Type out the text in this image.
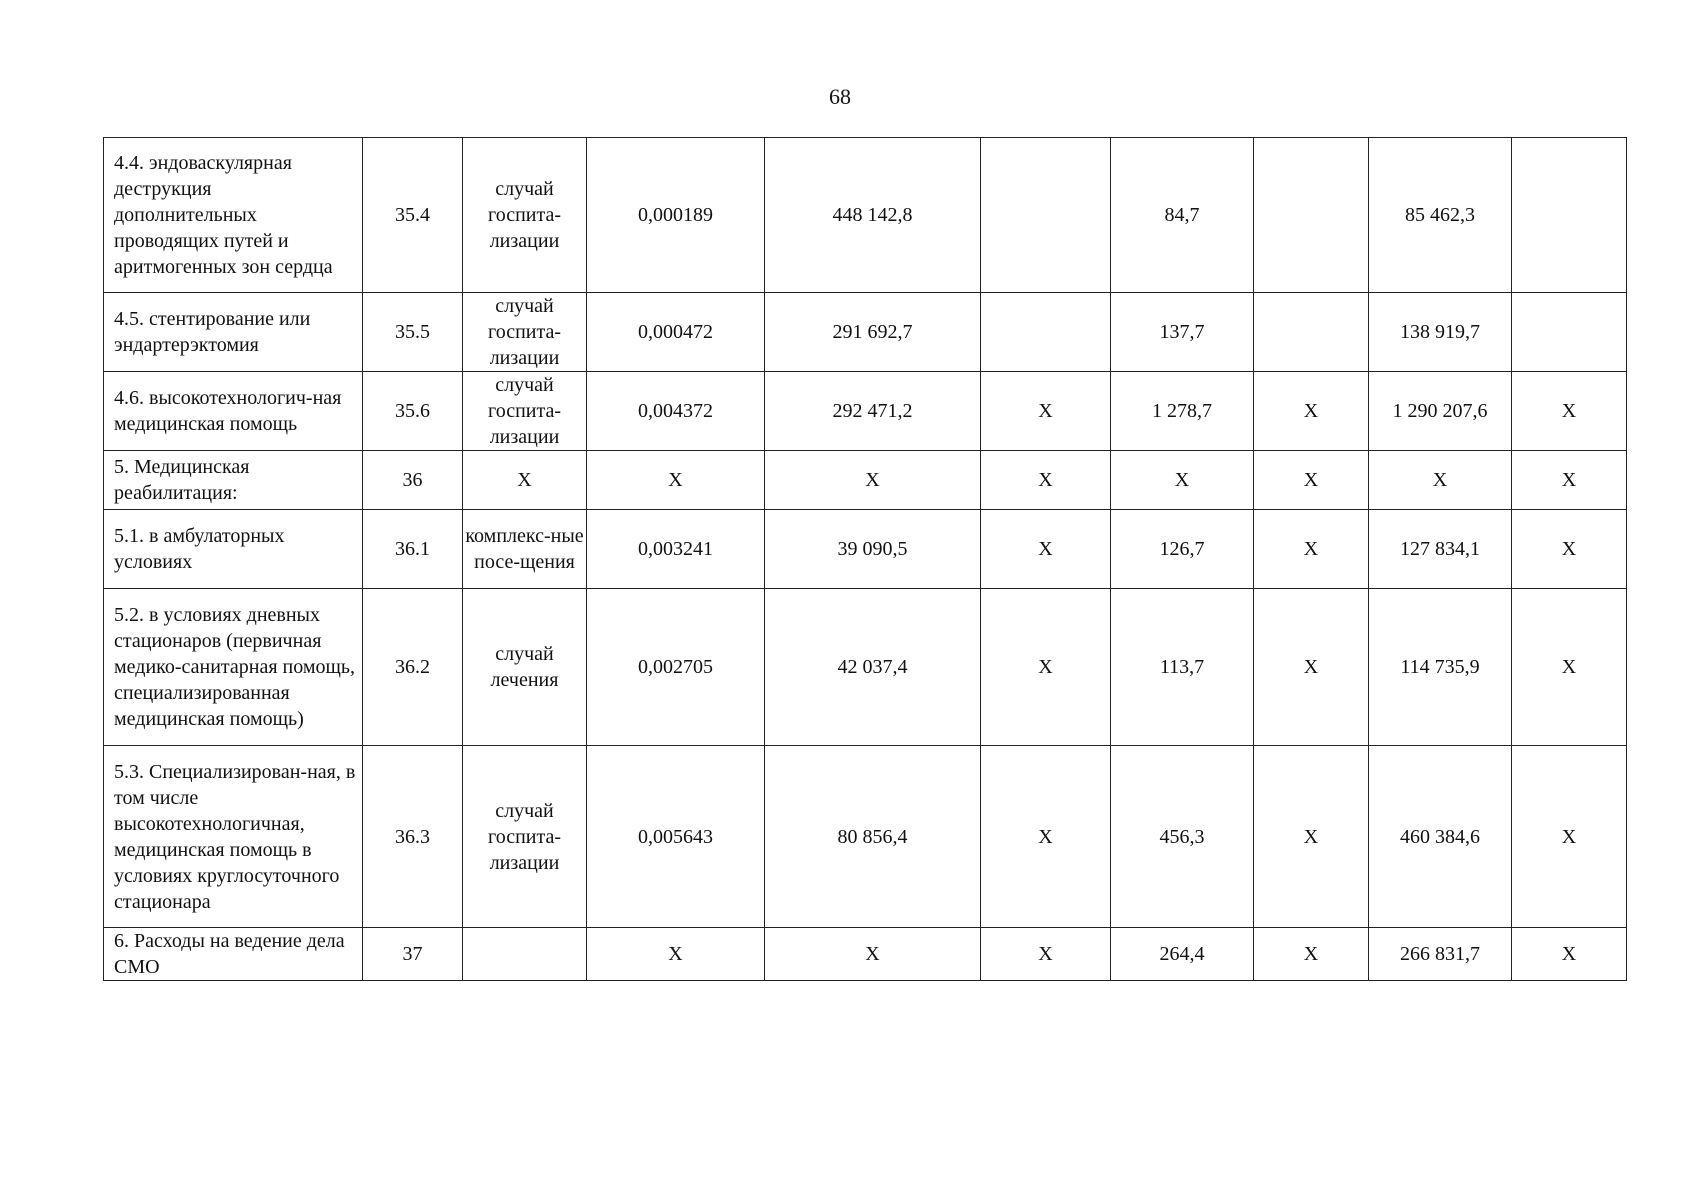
68
4.4. эндоваскулярная деструкция дополнительных проводящих путей и аритмогенных зон сердца	35.4	случай госпита-лизации	0,000189	448 142,8		84,7		85 462,3	

4.5. стентирование или эндартерэктомия	35.5	случай госпита-лизации	0,000472	291 692,7		137,7		138 919,7	

4.6. высокотехнологич-ная медицинская помощь	35.6	случай госпита-лизации	0,004372	292 471,2	X	1 278,7	X	1 290 207,6	X

5. Медицинская реабилитация:	36	X	X	X	X	X	X	X	X

5.1. в амбулаторных условиях	36.1	комплекс-ные посе-щения	0,003241	39 090,5	X	126,7	X	127 834,1	X

5.2. в условиях дневных стационаров (первичная медико-санитарная помощь, специализированная медицинская помощь)	36.2	случай лечения	0,002705	42 037,4	X	113,7	X	114 735,9	X

5.3. Специализирован-ная, в том числе высокотехнологичная, медицинская помощь в условиях круглосуточного стационара	36.3	случай госпита-лизации	0,005643	80 856,4	X	456,3	X	460 384,6	X

6. Расходы на ведение дела СМО	37		X	X	X	264,4	X	266 831,7	X
